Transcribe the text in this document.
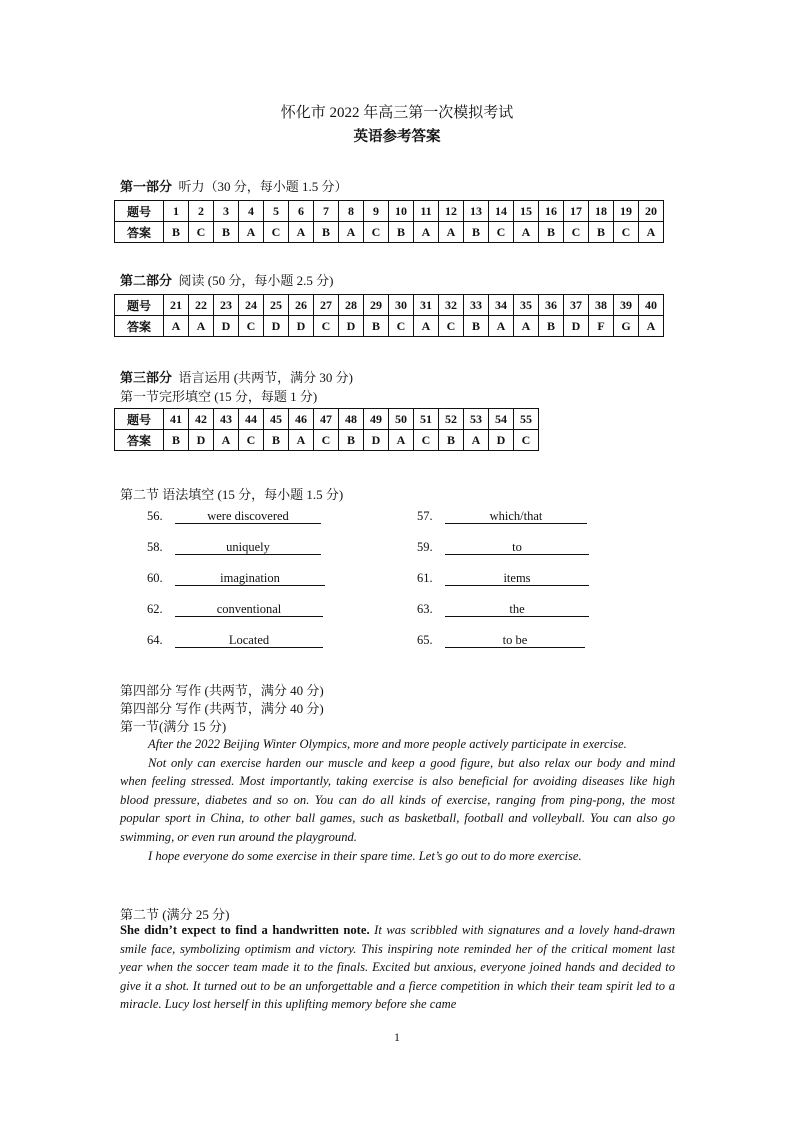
怀化市 2022 年高三第一次模拟考试
英语参考答案
第一部分 听力（30 分，每小题 1.5 分）
题号	1	2	3	4	5	6	7	8	9	10	11	12	13	14	15	16	17	18	19	20
答案	B	C	B	A	C	A	B	A	C	B	A	A	B	C	A	B	C	B	C	A
第二部分 阅读 (50 分，每小题 2.5 分)
题号	21	22	23	24	25	26	27	28	29	30	31	32	33	34	35	36	37	38	39	40
答案	A	A	D	C	D	D	C	D	B	C	A	C	B	A	A	B	D	F	G	A
第三部分 语言运用 (共两节，满分 30 分)
第一节完形填空 (15 分，每题 1 分)
题号	41	42	43	44	45	46	47	48	49	50	51	52	53	54	55
答案	B	D	A	C	B	A	C	B	D	A	C	B	A	D	C
第二节 语法填空 (15 分，每小题 1.5 分)
56.	were discovered	57.	which/that
58.	uniquely	59.	to
60.	imagination	61.	items
62.	conventional	63.	the
64.	Located	65.	to be
第四部分 写作 (共两节，满分 40 分)
第四部分 写作 (共两节，满分 40 分)
第一节(满分 15 分)

After the 2022 Beijing Winter Olympics, more and more people actively participate in exercise.

Not only can exercise harden our muscle and keep a good figure, but also relax our body and mind when feeling stressed. Most importantly, taking exercise is also beneficial for avoiding diseases like high blood pressure, diabetes and so on. You can do all kinds of exercise, ranging from ping-pong, the most popular sport in China, to other ball games, such as basketball, football and volleyball. You can also go swimming, or even run around the playground.

I hope everyone do some exercise in their spare time. Let’s go out to do more exercise.

第二节 (满分 25 分)
She didn’t expect to find a handwritten note. It was scribbled with signatures and a lovely hand-drawn smile face, symbolizing optimism and victory. This inspiring note reminded her of the critical moment last year when the soccer team made it to the finals. Excited but anxious, everyone joined hands and decided to give it a shot. It turned out to be an unforgettable and a fierce competition in which their team spirit led to a miracle. Lucy lost herself in this uplifting memory before she came
1
